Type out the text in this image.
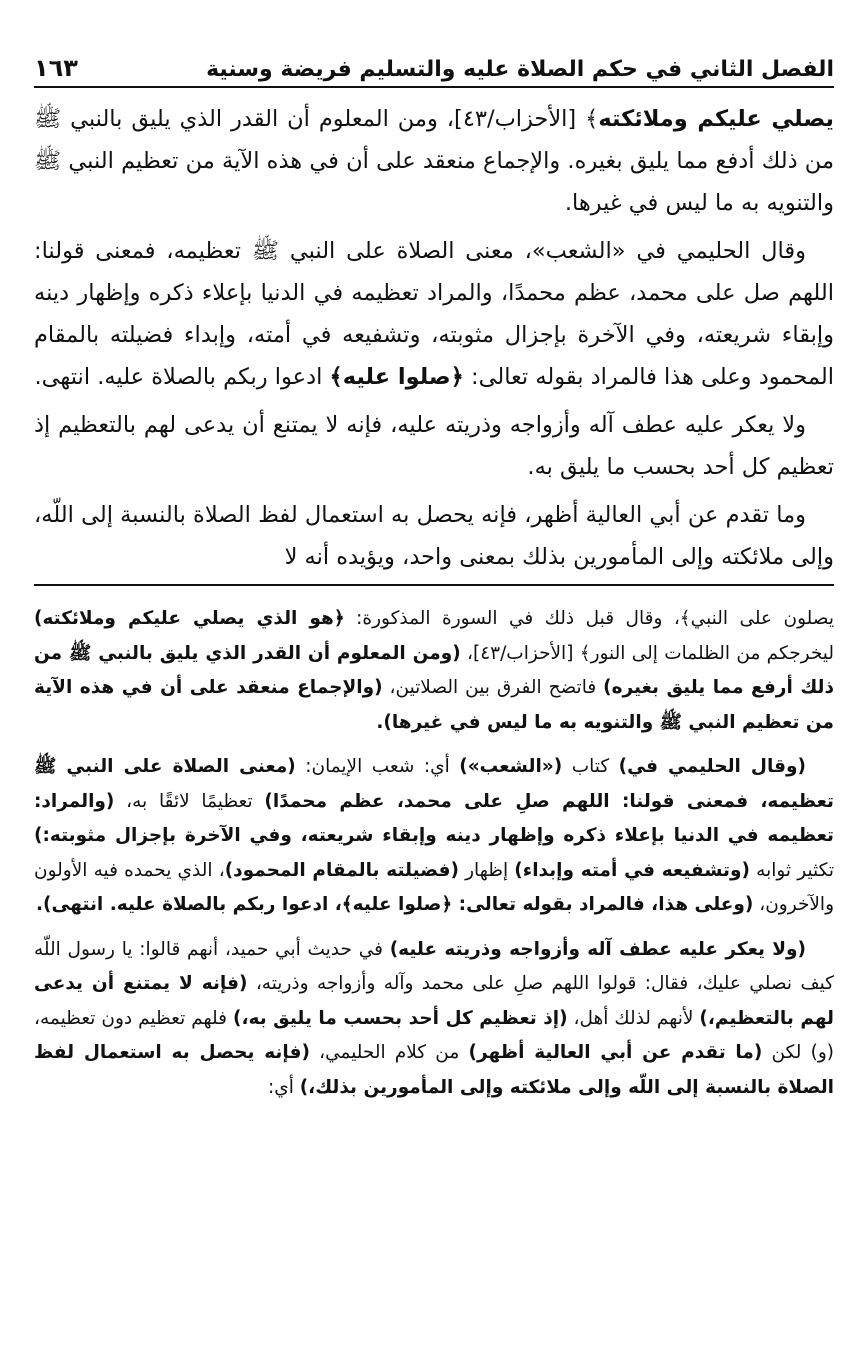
الفصل الثاني في حكم الصلاة عليه والتسليم فريضة وسنية
١٦٣

يصلي عليكم وملائكته﴾ [الأحزاب/٤٣]، ومن المعلوم أن القدر الذي يليق بالنبي ﷺ من ذلك أدفع مما يليق بغيره. والإجماع منعقد على أن في هذه الآية من تعظيم النبي ﷺ والتنويه به ما ليس في غيرها.

وقال الحليمي في «الشعب»، معنى الصلاة على النبي ﷺ تعظيمه، فمعنى قولنا: اللهم صل على محمد، عظم محمدًا، والمراد تعظيمه في الدنيا بإعلاء ذكره وإظهار دينه وإبقاء شريعته، وفي الآخرة بإجزال مثوبته، وتشفيعه في أمته، وإبداء فضيلته بالمقام المحمود وعلى هذا فالمراد بقوله تعالى: ﴿صلوا عليه﴾ ادعوا ربكم بالصلاة عليه. انتهى.

ولا يعكر عليه عطف آله وأزواجه وذريته عليه، فإنه لا يمتنع أن يدعى لهم بالتعظيم إذ تعظيم كل أحد بحسب ما يليق به.

وما تقدم عن أبي العالية أظهر، فإنه يحصل به استعمال لفظ الصلاة بالنسبة إلى اللّه، وإلى ملائكته وإلى المأمورين بذلك بمعنى واحد، ويؤيده أنه لا

يصلون على النبي﴾، وقال قبل ذلك في السورة المذكورة: ﴿هو الذي يصلي عليكم وملائكته) ليخرجكم من الظلمات إلى النور﴾ [الأحزاب/٤٣]، (ومن المعلوم أن القدر الذي يليق بالنبي ﷺ من ذلك أرفع مما يليق بغيره) فاتضح الفرق بين الصلاتين، (والإجماع منعقد على أن في هذه الآية من تعظيم النبي ﷺ والتنويه به ما ليس في غيرها).

(وقال الحليمي في) كتاب («الشعب») أي: شعب الإيمان: (معنى الصلاة على النبي ﷺ تعظيمه، فمعنى قولنا: اللهم صلِ على محمد، عظم محمدًا) تعظيمًا لائقًا به، (والمراد: تعظيمه في الدنيا بإعلاء ذكره وإظهار دينه وإبقاء شريعته، وفي الآخرة بإجزال مثوبته:) تكثير ثوابه (وتشفيعه في أمته وإبداء) إظهار (فضيلته بالمقام المحمود)، الذي يحمده فيه الأولون والآخرون، (وعلى هذا، فالمراد بقوله تعالى: ﴿صلوا عليه﴾، ادعوا ربكم بالصلاة عليه. انتهى).

(ولا يعكر عليه عطف آله وأزواجه وذريته عليه) في حديث أبي حميد، أنهم قالوا: يا رسول اللّه كيف نصلي عليك، فقال: قولوا اللهم صلِ على محمد وآله وأزواجه وذريته، (فإنه لا يمتنع أن يدعى لهم بالتعظيم،) لأنهم لذلك أهل، (إذ تعظيم كل أحد بحسب ما يليق به،) فلهم تعظيم دون تعظيمه، (و) لكن (ما تقدم عن أبي العالية أظهر) من كلام الحليمي، (فإنه يحصل به استعمال لفظ الصلاة بالنسبة إلى اللّه وإلى ملائكته وإلى المأمورين بذلك،) أي:
